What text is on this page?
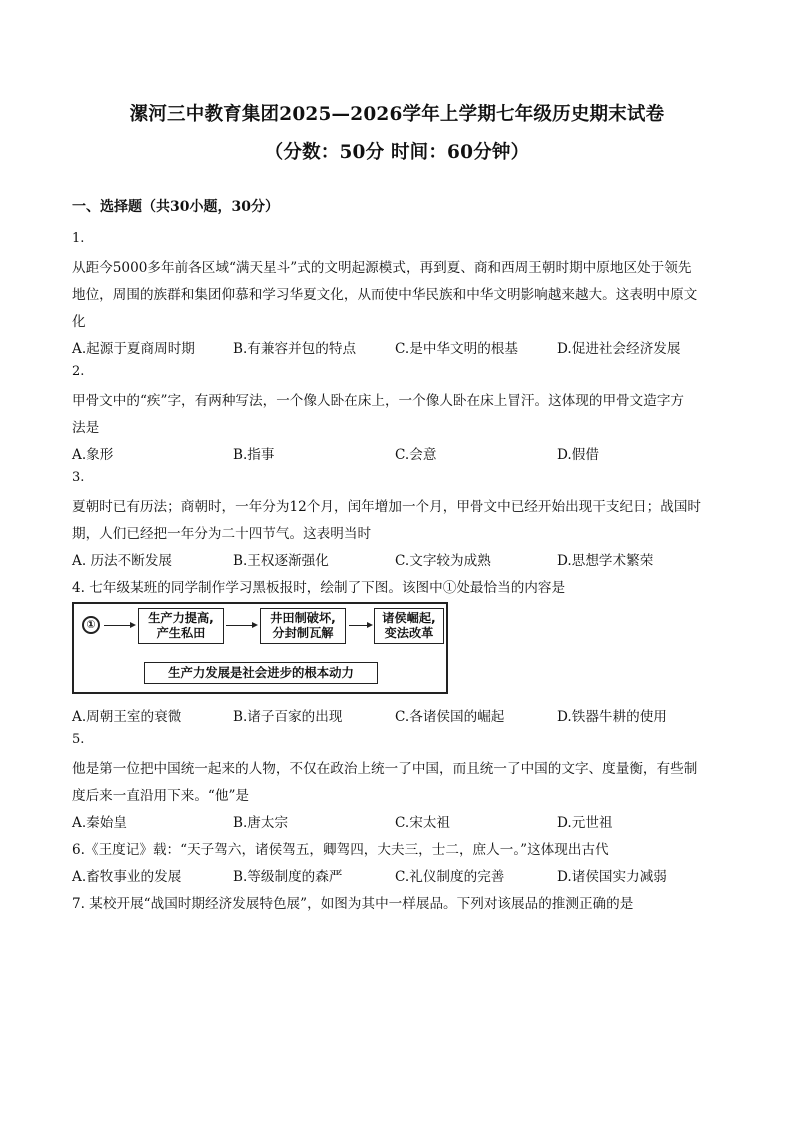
漯河三中教育集团2025—2026学年上学期七年级历史期末试卷
（分数：50分 时间：60分钟）
一、选择题（共30小题，30分）
1.
从距今5000多年前各区域“满天星斗”式的文明起源模式，再到夏、商和西周王朝时期中原地区处于领先
地位，周围的族群和集团仰慕和学习华夏文化，从而使中华民族和中华文明影响越来越大。这表明中原文
化
A.起源于夏商周时期	B.有兼容并包的特点	C.是中华文明的根基	D.促进社会经济发展
2.
甲骨文中的“疾”字，有两种写法，一个像人卧在床上，一个像人卧在床上冒汗。这体现的甲骨文造字方
法是
A.象形	B.指事	C.会意	D.假借
3.
夏朝时已有历法；商朝时，一年分为12个月，闰年增加一个月，甲骨文中已经开始出现干支纪日；战国时
期，人们已经把一年分为二十四节气。这表明当时
A. 历法不断发展	B.王权逐渐强化	C.文字较为成熟	D.思想学术繁荣
4. 七年级某班的同学制作学习黑板报时，绘制了下图。该图中①处最恰当的内容是
①	生产力提高,
产生私田
井田制破坏,
分封制瓦解
诸侯崛起,
变法改革
生产力发展是社会进步的根本动力
A.周朝王室的衰微	B.诸子百家的出现	C.各诸侯国的崛起	D.铁器牛耕的使用
5.
他是第一位把中国统一起来的人物，不仅在政治上统一了中国，而且统一了中国的文字、度量衡，有些制
度后来一直沿用下来。“他”是
A.秦始皇	B.唐太宗	C.宋太祖	D.元世祖
6.《王度记》载：“天子驾六，诸侯驾五，卿驾四，大夫三，士二，庶人一。”这体现出古代
A.畜牧事业的发展	B.等级制度的森严	C.礼仪制度的完善	D.诸侯国实力减弱
7. 某校开展“战国时期经济发展特色展”，如图为其中一样展品。下列对该展品的推测正确的是
